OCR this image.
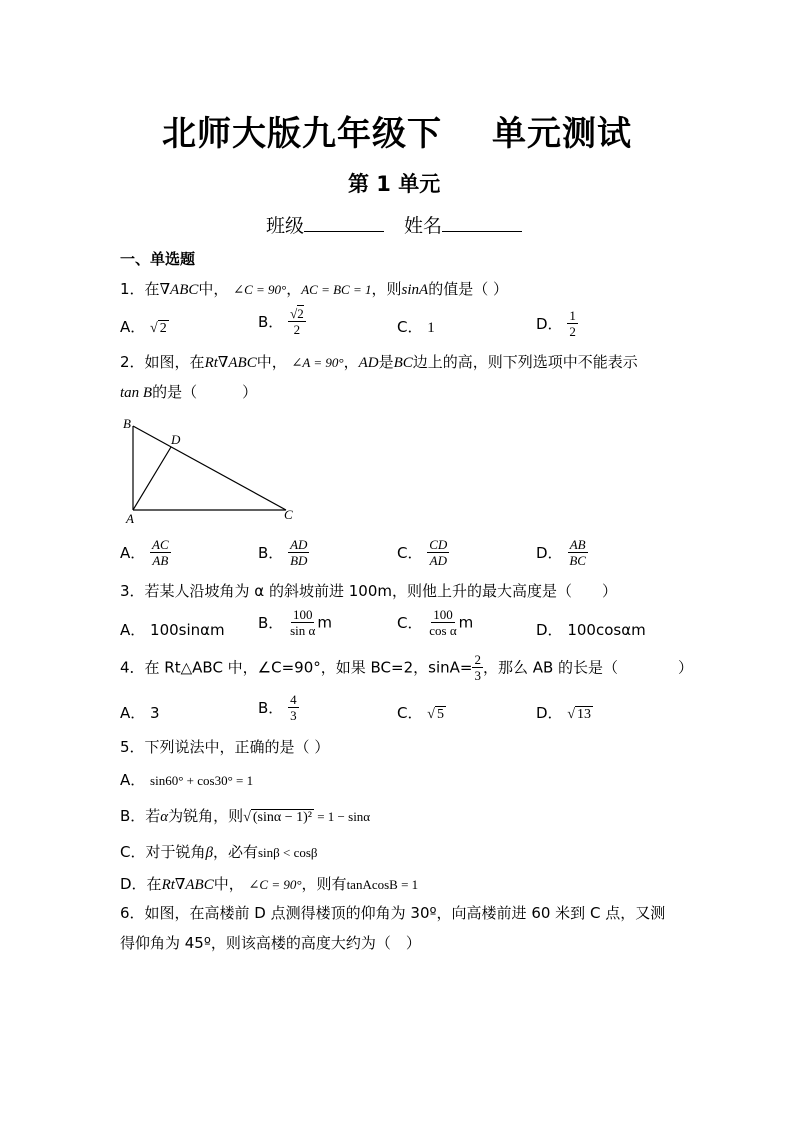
北师大版九年级下 单元测试
第 1 单元
班级	姓名
一、单选题
1．在∇ABC中， ∠C = 90°，AC = BC = 1，则sinA的值是（ ）
A． √ 2	B． $\frac{√2}{2}$	C． 1	D． $\frac{1}{2}$
2．如图，在Rt∇ABC中， ∠A = 90°，AD是BC边上的高，则下列选项中不能表示
tan B的是（　　　）
B
D
A	C
A． $\frac{AC}{AB}$	B． $\frac{AD}{BD}$	C． $\frac{CD}{AD}$	D． $\frac{AB}{BC}$
3．若某人沿坡角为 α 的斜坡前进 100m，则他上升的最大高度是（　　）
A． 100sinαm B． $\frac{100}{\text{sin α}}$ m	C． $\frac{100}{\text{cos α}}$ m	D． 100cosαm
4．在 Rt△ABC 中，∠C=90°，如果 BC=2，$\sin A= \frac{2}{3}$ ，那么 AB 的长是（　　　　）
A． 3	B． $\frac{4}{3}$	C． √ 5	D． √ 13
5．下列说法中，正确的是（ ）
A． sin60° + cos30° = 1
B．若α为锐角，则√ (sinα − 1)² = 1 − sinα
C．对于锐角β，必有sinβ < cosβ
D．在Rt∇ABC中， ∠C = 90°，则有tanAcosB = 1
6．如图，在高楼前 D 点测得楼顶的仰角为 30º，向高楼前进 60 米到 C 点，又测
得仰角为 45º，则该高楼的高度大约为（　）
